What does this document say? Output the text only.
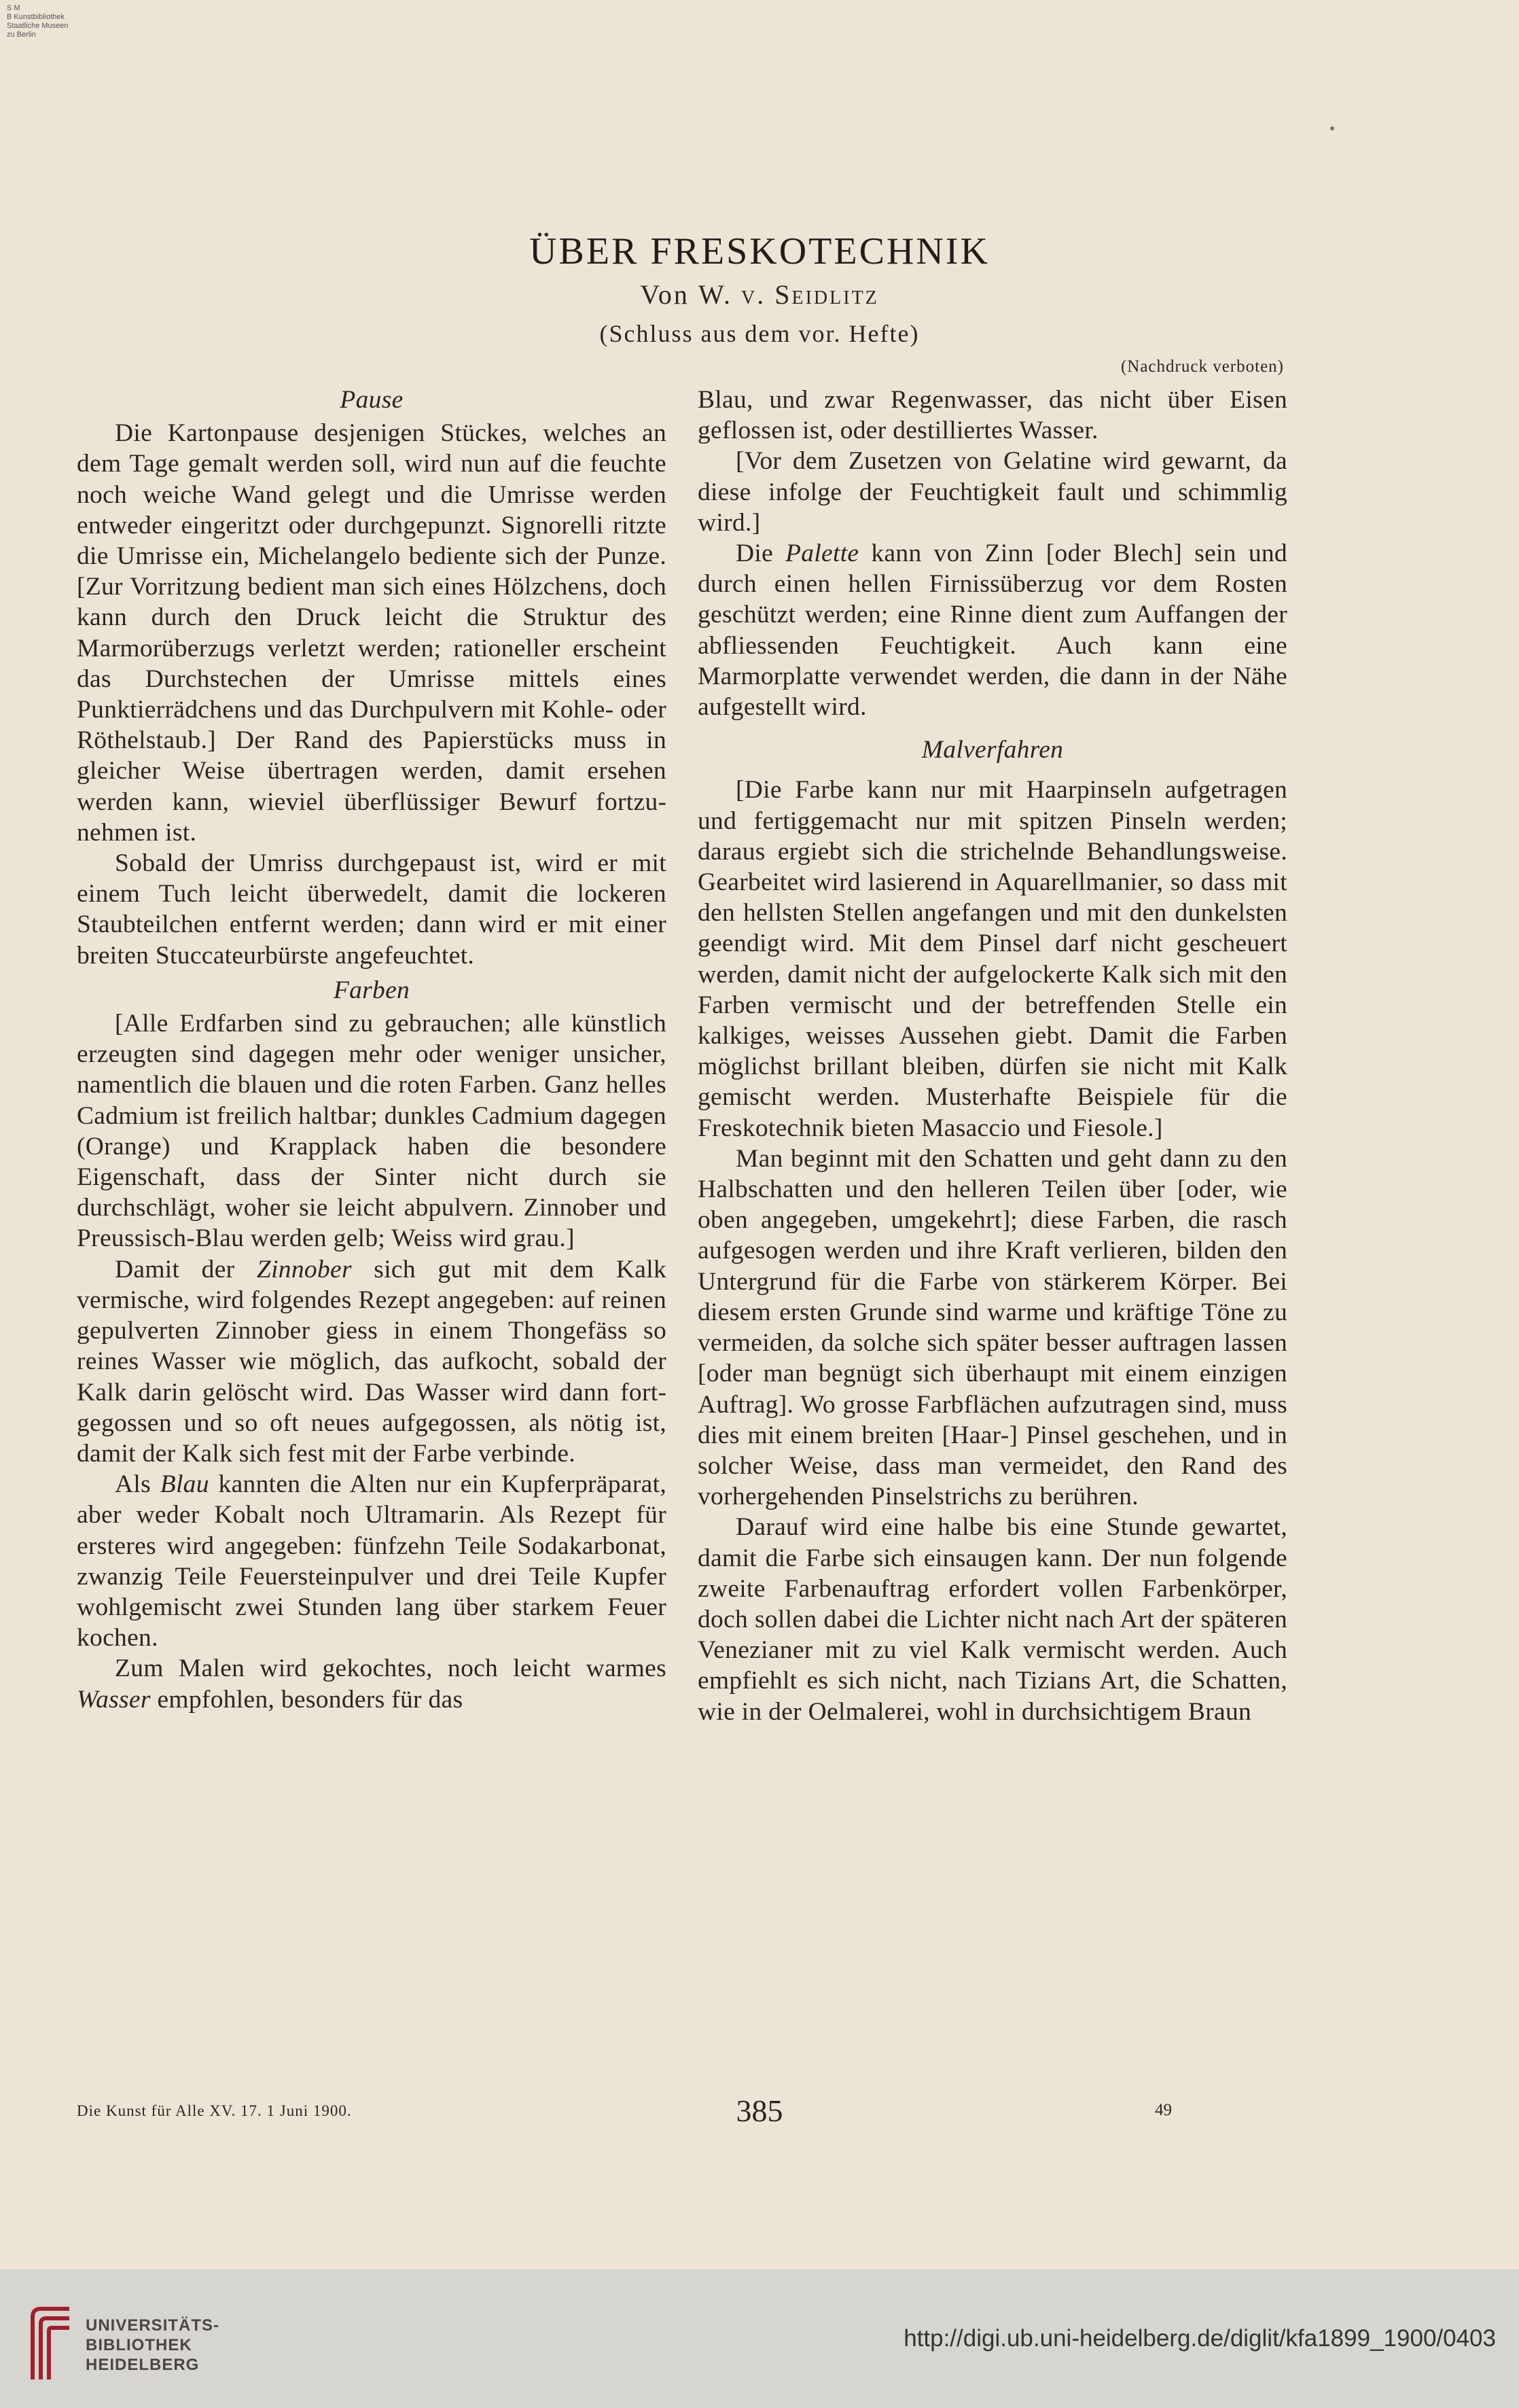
S M
B Kunstbibliothek
Staatliche Museen
zu Berlin
ÜBER FRESKOTECHNIK
Von W. v. Seidlitz
(Schluss aus dem vor. Hefte)
(Nachdruck verboten)
Pause

Die Kartonpause desjenigen Stückes, welches an dem Tage gemalt werden soll, wird nun auf die feuchte noch weiche Wand gelegt und die Umrisse werden entweder eingeritzt oder durchgepunzt. Signorelli ritzte die Umrisse ein, Michelangelo bediente sich der Punze. [Zur Vorritzung bedient man sich eines Hölzchens, doch kann durch den Druck leicht die Struktur des Marmorüberzugs verletzt werden; rationeller erscheint das Durchstechen der Umrisse mittels eines Punktierrädchens und das Durchpulvern mit Kohle- oder Röthelstaub.] Der Rand des Papierstücks muss in gleicher Weise übertragen werden, damit ersehen werden kann, wieviel überflüssiger Bewurf fortzunehmen ist.

Sobald der Umriss durchgepaust ist, wird er mit einem Tuch leicht überwedelt, damit die lockeren Staubteilchen entfernt werden; dann wird er mit einer breiten Stuccateurbürste angefeuchtet.

Farben

[Alle Erdfarben sind zu gebrauchen; alle künstlich erzeugten sind dagegen mehr oder weniger unsicher, namentlich die blauen und die roten Farben. Ganz helles Cadmium ist freilich haltbar; dunkles Cadmium dagegen (Orange) und Krapplack haben die besondere Eigenschaft, dass der Sinter nicht durch sie durchschlägt, woher sie leicht abpulvern. Zinnober und Preussisch-Blau werden gelb; Weiss wird grau.]

Damit der Zinnober sich gut mit dem Kalk vermische, wird folgendes Rezept angegeben: auf reinen gepulverten Zinnober giess in einem Thongefäss so reines Wasser wie möglich, das aufkocht, sobald der Kalk darin gelöscht wird. Das Wasser wird dann fortgegossen und so oft neues aufgegossen, als nötig ist, damit der Kalk sich fest mit der Farbe verbinde.

Als Blau kannten die Alten nur ein Kupferpräparat, aber weder Kobalt noch Ultramarin. Als Rezept für ersteres wird angegeben: fünfzehn Teile Sodakarbonat, zwanzig Teile Feuersteinpulver und drei Teile Kupfer wohlgemischt zwei Stunden lang über starkem Feuer kochen.

Zum Malen wird gekochtes, noch leicht warmes Wasser empfohlen, besonders für das

Blau, und zwar Regenwasser, das nicht über Eisen geflossen ist, oder destilliertes Wasser.

[Vor dem Zusetzen von Gelatine wird gewarnt, da diese infolge der Feuchtigkeit fault und schimmlig wird.]

Die Palette kann von Zinn [oder Blech] sein und durch einen hellen Firnissüberzug vor dem Rosten geschützt werden; eine Rinne dient zum Auffangen der abfliessenden Feuchtigkeit. Auch kann eine Marmorplatte verwendet werden, die dann in der Nähe aufgestellt wird.

Malverfahren

[Die Farbe kann nur mit Haarpinseln aufgetragen und fertiggemacht nur mit spitzen Pinseln werden; daraus ergiebt sich die strichelnde Behandlungsweise. Gearbeitet wird lasierend in Aquarellmanier, so dass mit den hellsten Stellen angefangen und mit den dunkelsten geendigt wird. Mit dem Pinsel darf nicht gescheuert werden, damit nicht der aufgelockerte Kalk sich mit den Farben vermischt und der betreffenden Stelle ein kalkiges, weisses Aussehen giebt. Damit die Farben möglichst brillant bleiben, dürfen sie nicht mit Kalk gemischt werden. Musterhafte Beispiele für die Freskotechnik bieten Masaccio und Fiesole.]

Man beginnt mit den Schatten und geht dann zu den Halbschatten und den helleren Teilen über [oder, wie oben angegeben, umgekehrt]; diese Farben, die rasch aufgesogen werden und ihre Kraft verlieren, bilden den Untergrund für die Farbe von stärkerem Körper. Bei diesem ersten Grunde sind warme und kräftige Töne zu vermeiden, da solche sich später besser auftragen lassen [oder man begnügt sich überhaupt mit einem einzigen Auftrag]. Wo grosse Farbflächen aufzutragen sind, muss dies mit einem breiten [Haar-] Pinsel geschehen, und in solcher Weise, dass man vermeidet, den Rand des vorhergehenden Pinselstrichs zu berühren.

Darauf wird eine halbe bis eine Stunde gewartet, damit die Farbe sich einsaugen kann. Der nun folgende zweite Farbenauftrag erfordert vollen Farbenkörper, doch sollen dabei die Lichter nicht nach Art der späteren Venezianer mit zu viel Kalk vermischt werden. Auch empfiehlt es sich nicht, nach Tizians Art, die Schatten, wie in der Oelmalerei, wohl in durchsichtigem Braun

Die Kunst für Alle XV. 17. 1 Juni 1900.	385	49
UNIVERSITÄTS-
BIBLIOTHEK
HEIDELBERG
http://digi.ub.uni-heidelberg.de/diglit/kfa1899_1900/0403
